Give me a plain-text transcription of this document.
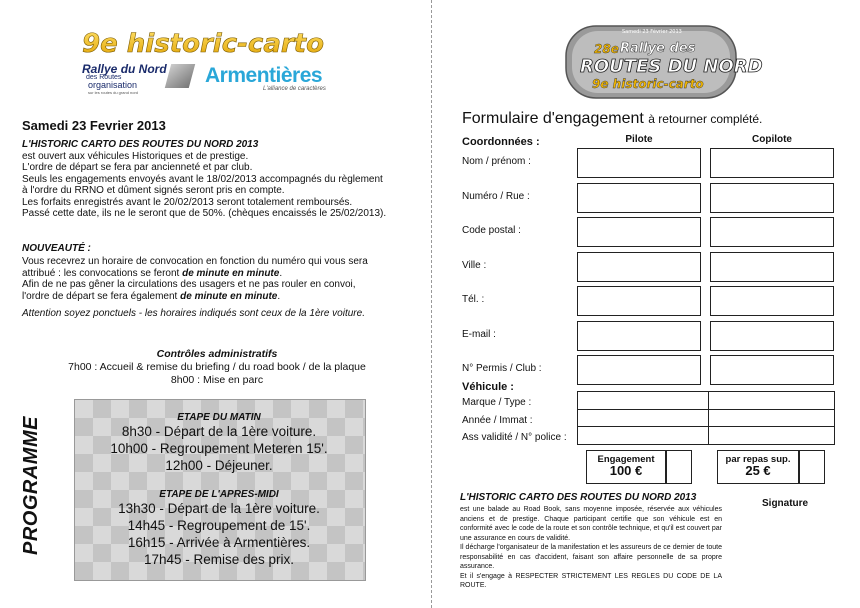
9e historic-carto
Rallye du Nord
des Routes
organisation
sur les routes du grand nord
Armentières
L'alliance de caractères
Samedi 23 Fevrier 2013
L'HISTORIC CARTO DES ROUTES DU NORD 2013
est ouvert aux véhicules Historiques et de prestige.
L'ordre de départ se fera par ancienneté et par club.
Seuls les engagements envoyés avant le 18/02/2013 accompagnés du règlement
à l'ordre du RRNO et dûment signés seront pris en compte.
Les forfaits enregistrés avant le 20/02/2013 seront totalement remboursés.
Passé cette date, ils ne le seront que de 50%. (chèques encaissés le 25/02/2013).
NOUVEAUTÉ :
Vous recevrez un horaire de convocation en fonction du numéro qui vous sera
attribué : les convocations se feront de minute en minute.
Afin de ne pas gêner la circulations des usagers et ne pas rouler en convoi,
l'ordre de départ se fera également de minute en minute.
Attention soyez ponctuels - les horaires indiqués sont ceux de la 1ère voiture.
Contrôles administratifs
7h00 : Accueil & remise du briefing / du road book / de la plaque
8h00 : Mise en parc
PROGRAMME	ETAPE DU MATIN
8h30 - Départ de la 1ère voiture.
10h00 - Regroupement Meteren 15'.
12h00 - Déjeuner.
ETAPE DE L'APRES-MIDI
13h30 - Départ de la 1ère voiture.
14h45 - Regroupement de 15'.
16h15 - Arrivée à Armentières.
17h45 - Remise des prix.
Samedi 23 Février 2013
28e Rallye des
ROUTES DU NORD
9e historic-carto
Formulaire d'engagement à retourner complété.
Coordonnées :	Pilote	Copilote
Véhicule :
Marque / Type :
Année / Immat :
Ass validité / N° police :
Engagement
100 €
par repas sup.
25 €
L'HISTORIC CARTO DES ROUTES DU NORD 2013
est une balade au Road Book, sans moyenne imposée, réservée aux véhicules anciens et de prestige. Chaque participant certifie que son véhicule est en conformité avec le code de la route et son contrôle technique, et qu'il est couvert par une assurance en cours de validité.
Il décharge l'organisateur de la manifestation et les assureurs de ce dernier de toute responsabilité en cas d'accident, faisant son affaire personnelle de sa propre assurance.
Et il s'engage à RESPECTER STRICTEMENT LES REGLES DU CODE DE LA ROUTE.
Signature
Nom / prénom :
Numéro / Rue :
Code postal :
Ville :
Tél. :
E-mail :
N° Permis / Club :
